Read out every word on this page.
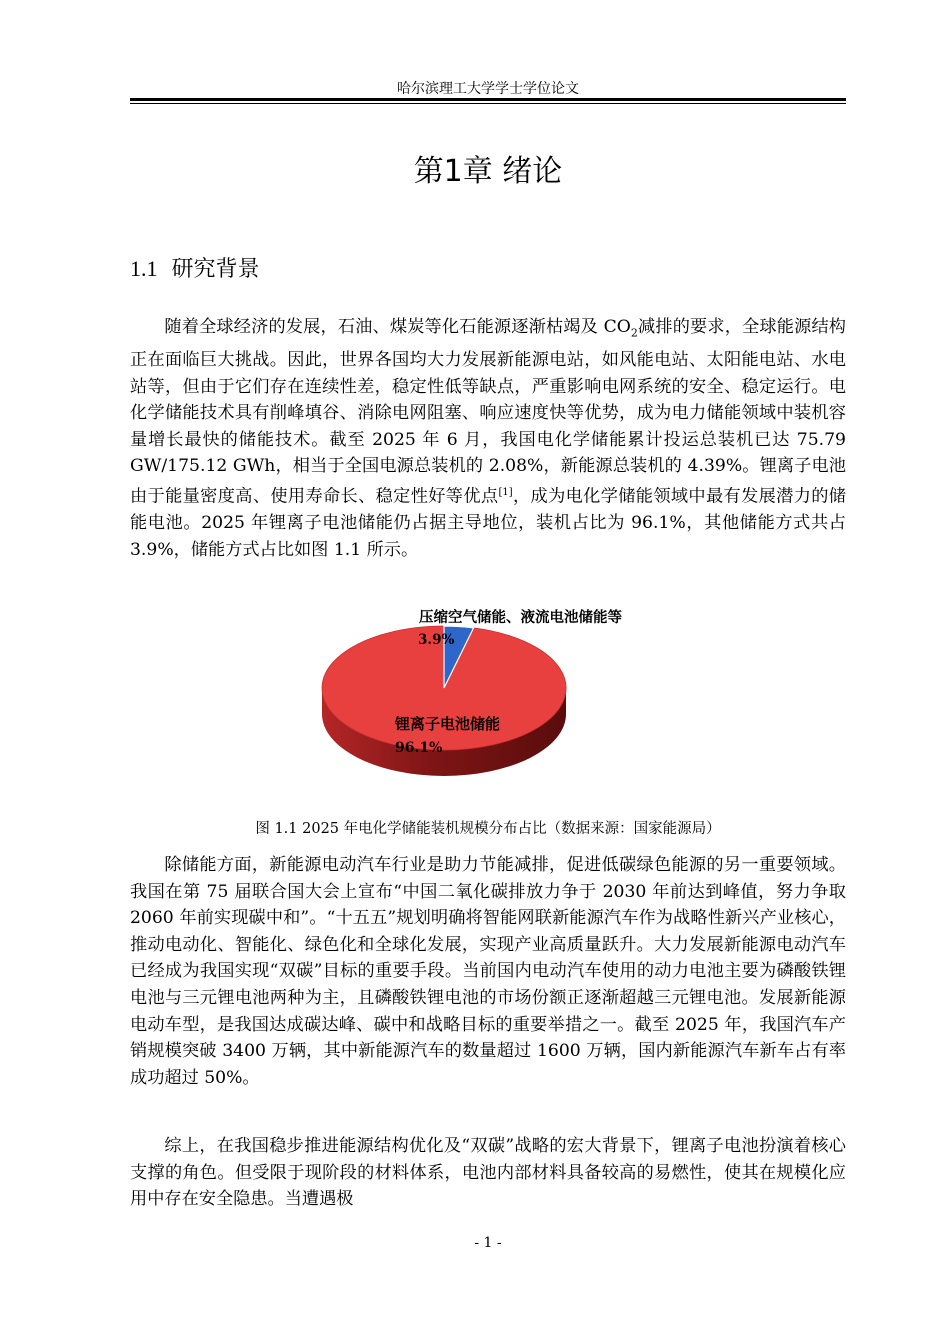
哈尔滨理工大学学士学位论文
第1章 绪论
1.1 研究背景

随着全球经济的发展，石油、煤炭等化石能源逐渐枯竭及 $CO_2$减排的要求，全球能源结构正在面临巨大挑战。因此，世界各国均大力发展新能源电站，如风能电站、太阳能电站、水电站等，但由于它们存在连续性差，稳定性低等缺点，严重影响电网系统的安全、稳定运行。电化学储能技术具有削峰填谷、消除电网阻塞、响应速度快等优势，成为电力储能领域中装机容量增长最快的储能技术。截至 2025 年 6 月，我国电化学储能累计投运总装机已达 75.79 GW/175.12 GWh，相当于全国电源总装机的 2.08%，新能源总装机的 4.39%。锂离子电池由于能量密度高、使用寿命长、稳定性好等优点[1]，成为电化学储能领域中最有发展潜力的储能电池。2025 年锂离子电池储能仍占据主导地位，装机占比为 96.1%，其他储能方式共占 3.9%，储能方式占比如图 1.1 所示。

压缩空气储能、液流电池储能等
3.9%
锂离子电池储能
96.1%
图 1.1 2025 年电化学储能装机规模分布占比（数据来源：国家能源局）

除储能方面，新能源电动汽车行业是助力节能减排，促进低碳绿色能源的另一重要领域。我国在第 75 届联合国大会上宣布“中国二氧化碳排放力争于 2030 年前达到峰值，努力争取 2060 年前实现碳中和”。“十五五”规划明确将智能网联新能源汽车作为战略性新兴产业核心，推动电动化、智能化、绿色化和全球化发展，实现产业高质量跃升。大力发展新能源电动汽车已经成为我国实现“双碳”目标的重要手段。当前国内电动汽车使用的动力电池主要为磷酸铁锂电池与三元锂电池两种为主，且磷酸铁锂电池的市场份额正逐渐超越三元锂电池。发展新能源电动车型，是我国达成碳达峰、碳中和战略目标的重要举措之一。截至 2025 年，我国汽车产销规模突破 3400 万辆，其中新能源汽车的数量超过 1600 万辆，国内新能源汽车新车占有率成功超过 50%。

综上，在我国稳步推进能源结构优化及“双碳”战略的宏大背景下，锂离子电池扮演着核心支撑的角色。但受限于现阶段的材料体系，电池内部材料具备较高的易燃性，使其在规模化应用中存在安全隐患。当遭遇极

- 1 -
